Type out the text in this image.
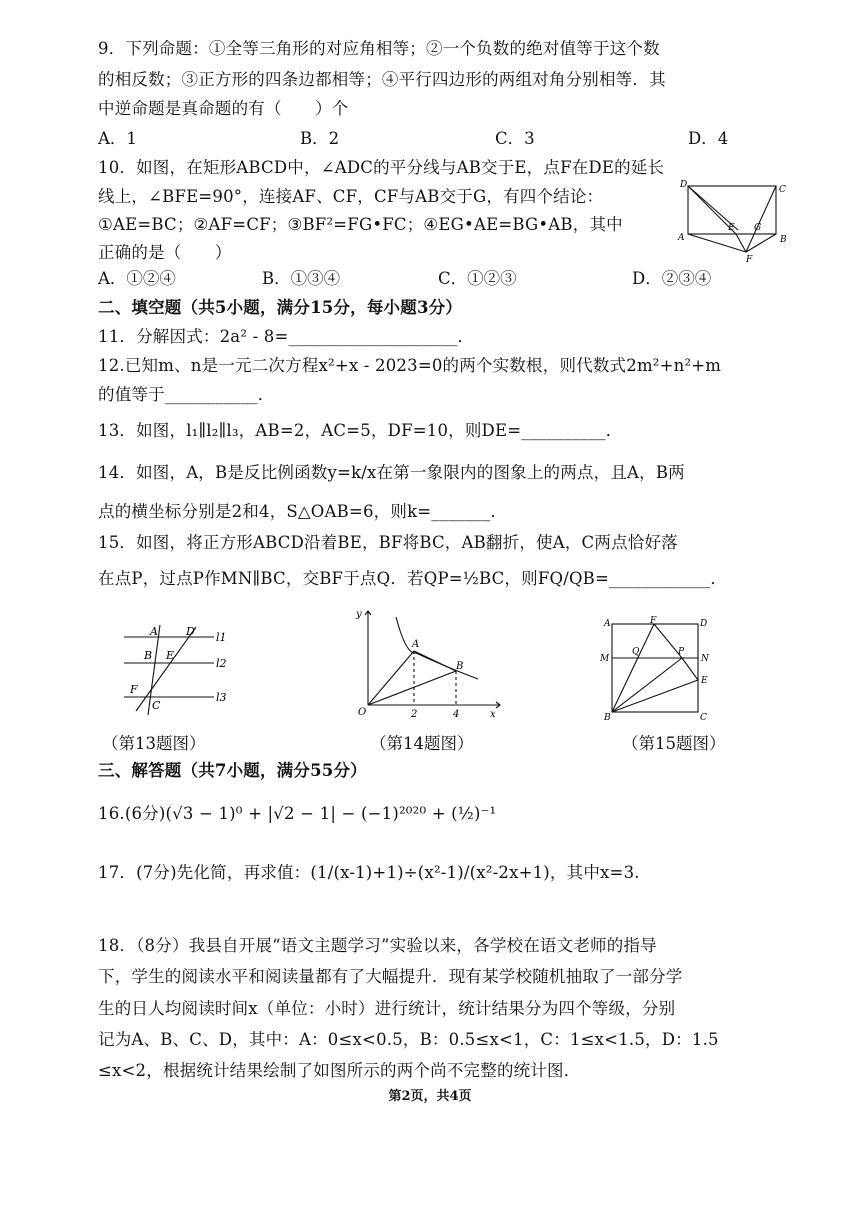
9．下列命题：①全等三角形的对应角相等；②一个负数的绝对值等于这个数
的相反数；③正方形的四条边都相等；④平行四边形的两组对角分别相等．其
中逆命题是真命题的有（　　）个
A．1	B．2	C．3	D．4
10．如图，在矩形ABCD中，∠ADC的平分线与AB交于E，点F在DE的延长
线上，∠BFE=90°，连接AF、CF，CF与AB交于G，有四个结论：
①AE=BC；②AF=CF；③BF²=FG•FC；④EG•AE=BG•AB，其中
正确的是（　　）
D	C
E G
A	B
F
A．①②④	B．①③④	C．①②③	D．②③④
二、填空题（共5小题，满分15分，每小题3分）
11．分解因式：2a² - 8=____________________．
12.已知m、n是一元二次方程x²+x - 2023=0的两个实数根，则代数式2m²+n²+m
的值等于___________．
13．如图，l₁∥l₂∥l₃，AB=2，AC=5，DF=10，则DE=__________．
14．如图，A，B是反比例函数y=k/x在第一象限内的图象上的两点，且A，B两
点的横坐标分别是2和4，S△OAB=6，则k=_______．
15．如图，将正方形ABCD沿着BE，BF将BC，AB翻折，使A，C两点恰好落
在点P，过点P作MN∥BC，交BF于点Q．若QP=½BC，则FQ/QB=____________．
A	D l1
B E
l2
F
C
l3
y
A
B
O	2	4	x
A	F	D
M
Q	P
N
E
B	C
（第13题图）	（第14题图）	（第15题图）
三、解答题（共7小题，满分55分）
16.(6分)(√3 − 1)⁰ + |√2 − 1| − (−1)²⁰²⁰ + (½)⁻¹
17．(7分)先化简，再求值：(1/(x-1)+1)÷(x²-1)/(x²-2x+1)，其中x=3.
18．（8分）我县自开展“语文主题学习”实验以来，各学校在语文老师的指导
下，学生的阅读水平和阅读量都有了大幅提升．现有某学校随机抽取了一部分学
生的日人均阅读时间x（单位：小时）进行统计，统计结果分为四个等级，分别
记为A、B、C、D，其中：A：0≤x<0.5，B：0.5≤x<1，C：1≤x<1.5，D：1.5
≤x<2，根据统计结果绘制了如图所示的两个尚不完整的统计图．
第2页，共4页
